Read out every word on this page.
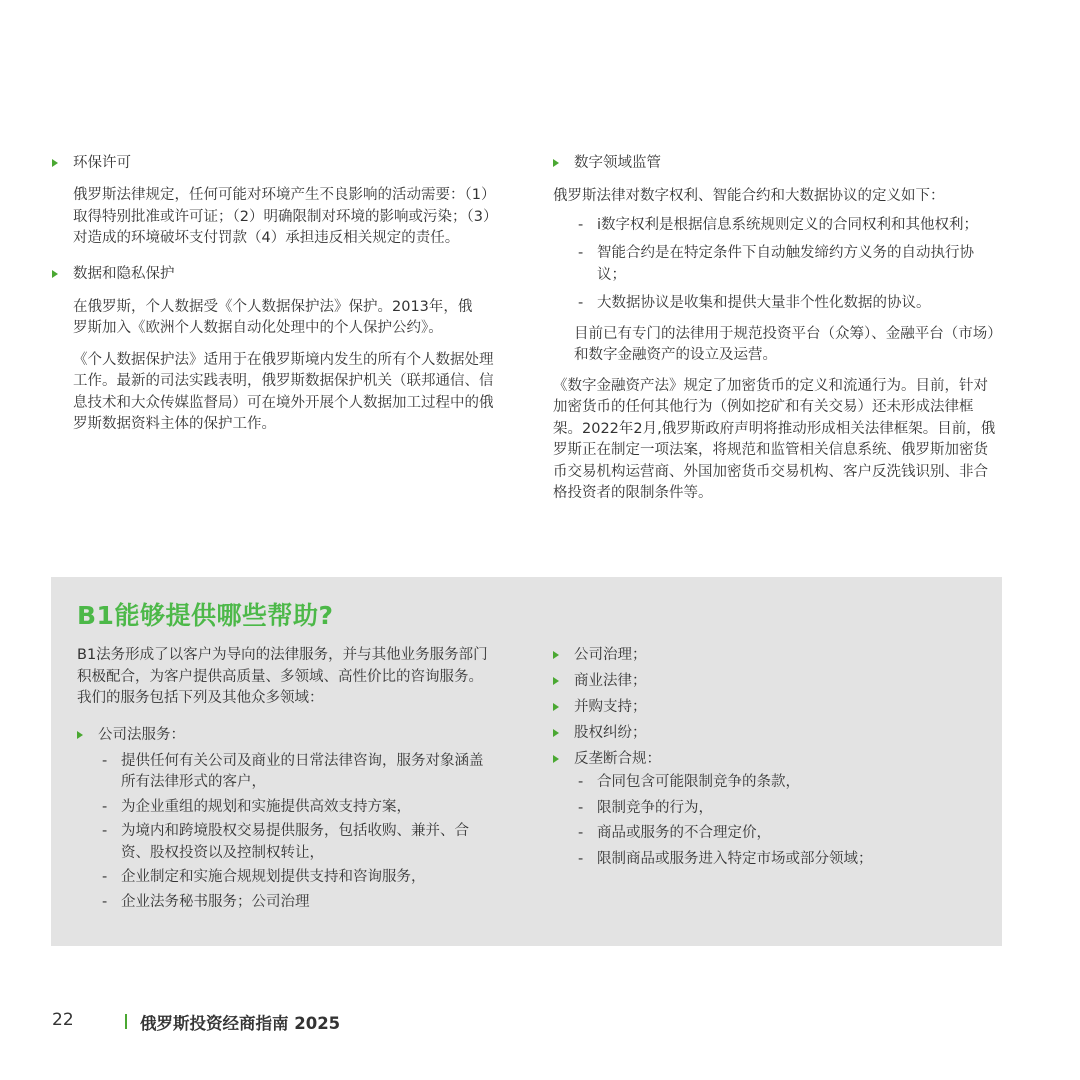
环保许可

俄罗斯法律规定，任何可能对环境产生不良影响的活动需要：（1）取得特别批准或许可证；（2）明确限制对环境的影响或污染；（3）对造成的环境破坏支付罚款（4）承担违反相关规定的责任。

数据和隐私保护

在俄罗斯，个人数据受《个人数据保护法》保护。2013年，俄罗斯加入《欧洲个人数据自动化处理中的个人保护公约》。

《个人数据保护法》适用于在俄罗斯境内发生的所有个人数据处理工作。最新的司法实践表明，俄罗斯数据保护机关（联邦通信、信息技术和大众传媒监督局）可在境外开展个人数据加工过程中的俄罗斯数据资料主体的保护工作。

数字领域监管

俄罗斯法律对数字权利、智能合约和大数据协议的定义如下：

- i数字权利是根据信息系统规则定义的合同权利和其他权利；
- 智能合约是在特定条件下自动触发缔约方义务的自动执行协议；
- 大数据协议是收集和提供大量非个性化数据的协议。

目前已有专门的法律用于规范投资平台（众筹）、金融平台（市场）和数字金融资产的设立及运营。

《数字金融资产法》规定了加密货币的定义和流通行为。目前，针对加密货币的任何其他行为（例如挖矿和有关交易）还未形成法律框架。2022年2月,俄罗斯政府声明将推动形成相关法律框架。目前，俄罗斯正在制定一项法案，将规范和监管相关信息系统、俄罗斯加密货币交易机构运营商、外国加密货币交易机构、客户反洗钱识别、非合格投资者的限制条件等。

B1能够提供哪些帮助?

B1法务形成了以客户为导向的法律服务，并与其他业务服务部门积极配合，为客户提供高质量、多领域、高性价比的咨询服务。我们的服务包括下列及其他众多领域：

公司法服务：
- 提供任何有关公司及商业的日常法律咨询，服务对象涵盖所有法律形式的客户，
- 为企业重组的规划和实施提供高效支持方案，
- 为境内和跨境股权交易提供服务，包括收购、兼并、合资、股权投资以及控制权转让，
- 企业制定和实施合规规划提供支持和咨询服务，
- 企业法务秘书服务；公司治理
公司治理；
商业法律；
并购支持；
股权纠纷；
反垄断合规：
- 合同包含可能限制竞争的条款，
- 限制竞争的行为，
- 商品或服务的不合理定价，
- 限制商品或服务进入特定市场或部分领域；
22	俄罗斯投资经商指南 2025
